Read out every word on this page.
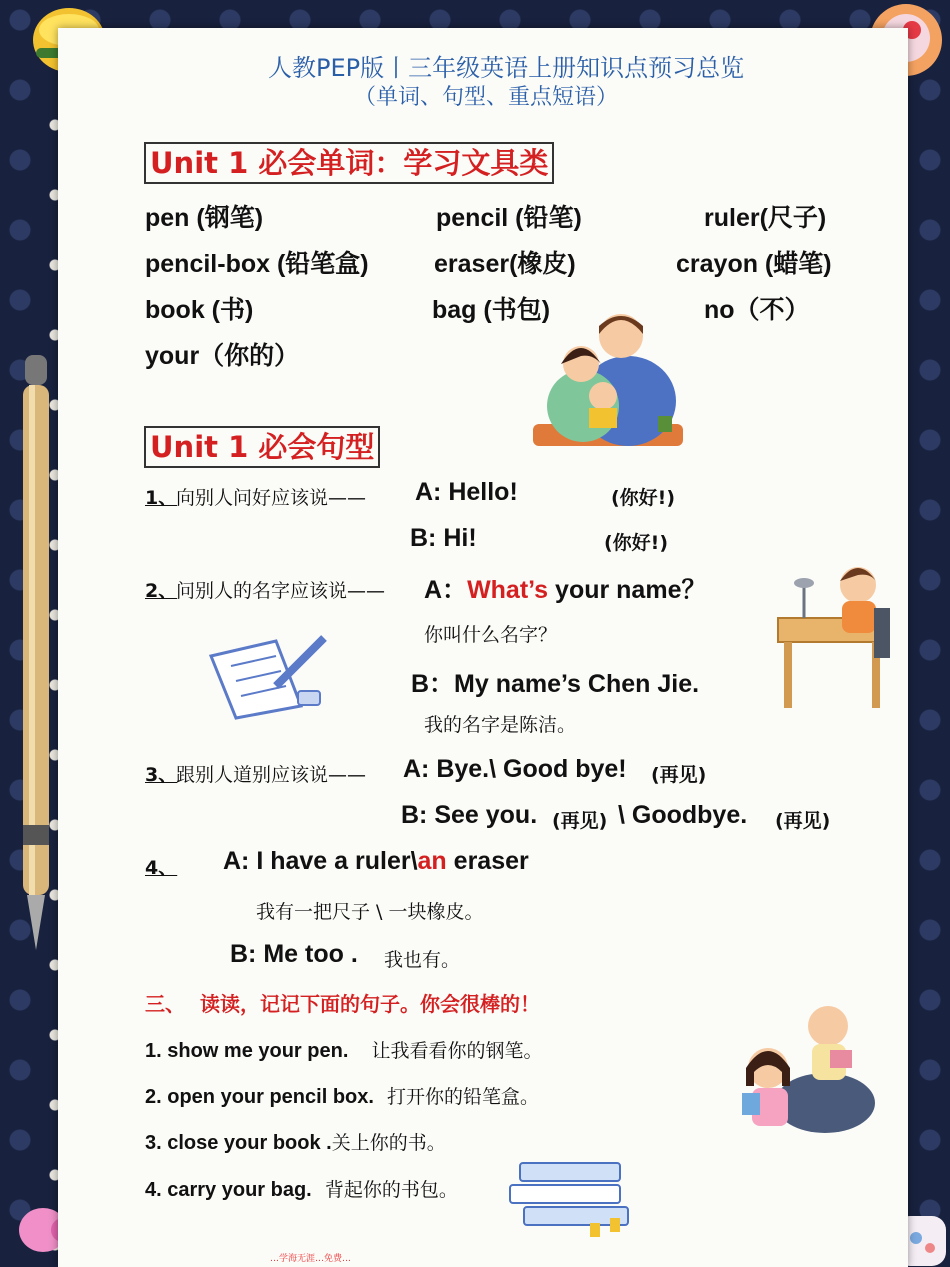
人教PEP版丨三年级英语上册知识点预习总览
（单词、句型、重点短语）
Unit 1 必会单词：学习文具类
pen (钢笔)	pencil (铅笔)	ruler(尺子)
pencil-box (铅笔盒)	eraser(橡皮)	crayon (蜡笔)
book (书)	bag (书包)	no（不）
your（你的）
Unit 1 必会句型
1、
向别人问好应该说—— A: Hello!	(你好!)
B: Hi!	(你好!)
2、
问别人的名字应该说—— A：What’s your name？
你叫什么名字？
B：My name’s Chen Jie.
我的名字是陈洁。
3、
跟别人道别应该说—— A: Bye.\ Good bye! (再见)
B: See you. (再见) \ Goodbye. (再见)
4、 A: I have a ruler\an eraser
我有一把尺子 \ 一块橡皮。
B: Me too . 我也有。
三、 读读，记记下面的句子。你会很棒的！
1. show me your pen. 让我看看你的钢笔。
2. open your pencil box. 打开你的铅笔盒。
3. close your book .关上你的书。
4. carry your bag. 背起你的书包。
…学海无涯…免费…
